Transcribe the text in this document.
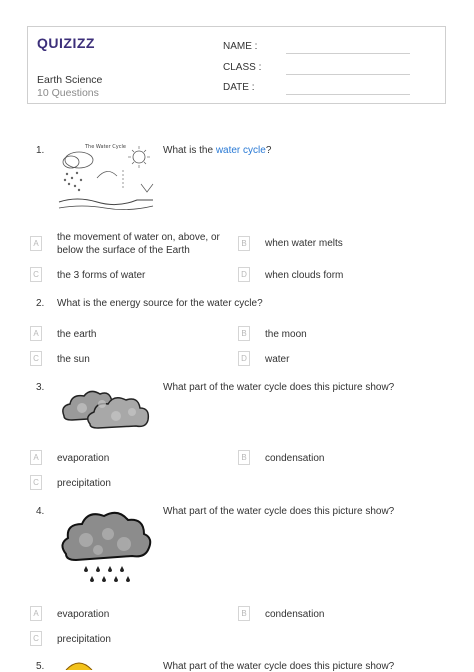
QUIZIZZ
Earth Science
10 Questions
NAME :
CLASS :
DATE :
1.	The Water Cycle	What is the water cycle?
A
the movement of water on, above, or
below the surface of the Earth
B	when water melts
C	the 3 forms of water	D	when clouds form
2. What is the energy source for the water cycle?
A	the earth	B	the moon
C	the sun	D	water
3.	What part of the water cycle does this picture show?
A	evaporation	B	condensation
C	precipitation
4.	What part of the water cycle does this picture show?
A	evaporation	B	condensation
C	precipitation
5.	What part of the water cycle does this picture show?
